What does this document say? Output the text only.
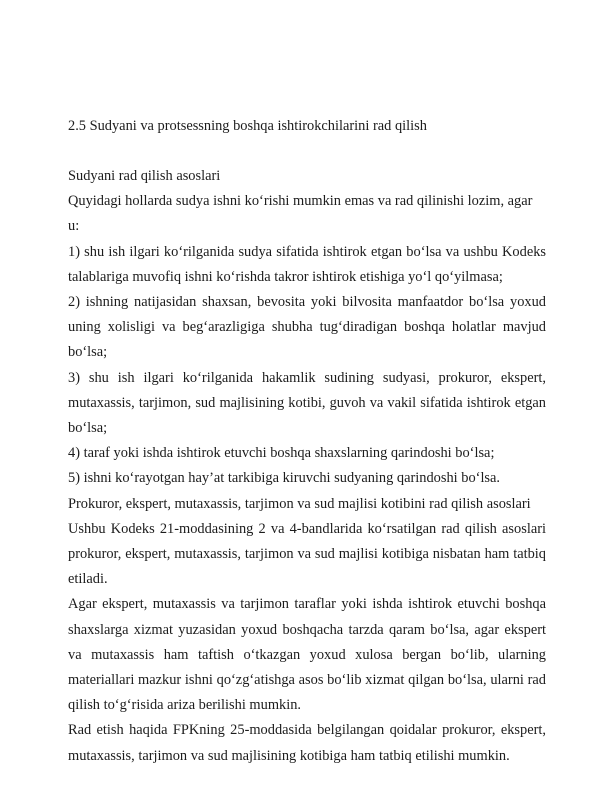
2.5 Sudyani va protsessning boshqa ishtirokchilarini rad qilish

Sudyani rad qilish asoslari

Quyidagi hollarda sudya ishni ko‘rishi mumkin emas va rad qilinishi lozim, agar u:

1) shu ish ilgari ko‘rilganida sudya sifatida ishtirok etgan bo‘lsa va ushbu Kodeks talablariga muvofiq ishni ko‘rishda takror ishtirok etishiga yo‘l qo‘yilmasa;

2) ishning natijasidan shaxsan, bevosita yoki bilvosita manfaatdor bo‘lsa yoxud uning xolisligi va beg‘arazligiga shubha tug‘diradigan boshqa holatlar mavjud bo‘lsa;

3) shu ish ilgari ko‘rilganida hakamlik sudining sudyasi, prokuror, ekspert, mutaxassis, tarjimon, sud majlisining kotibi, guvoh va vakil sifatida ishtirok etgan bo‘lsa;

4) taraf yoki ishda ishtirok etuvchi boshqa shaxslarning qarindoshi bo‘lsa;

5) ishni ko‘rayotgan hay’at tarkibiga kiruvchi sudyaning qarindoshi bo‘lsa.

Prokuror, ekspert, mutaxassis, tarjimon va sud majlisi kotibini rad qilish asoslari

Ushbu Kodeks 21-moddasining 2 va 4-bandlarida ko‘rsatilgan rad qilish asoslari prokuror, ekspert, mutaxassis, tarjimon va sud majlisi kotibiga nisbatan ham tatbiq etiladi.

Agar ekspert, mutaxassis va tarjimon taraflar yoki ishda ishtirok etuvchi boshqa shaxslarga xizmat yuzasidan yoxud boshqacha tarzda qaram bo‘lsa, agar ekspert va mutaxassis ham taftish o‘tkazgan yoxud xulosa bergan bo‘lib, ularning materiallari mazkur ishni qo‘zg‘atishga asos bo‘lib xizmat qilgan bo‘lsa, ularni rad qilish to‘g‘risida ariza berilishi mumkin.

Rad etish haqida FPKning 25-moddasida belgilangan qoidalar prokuror, ekspert, mutaxassis, tarjimon va sud majlisining kotibiga ham tatbiq etilishi mumkin.
